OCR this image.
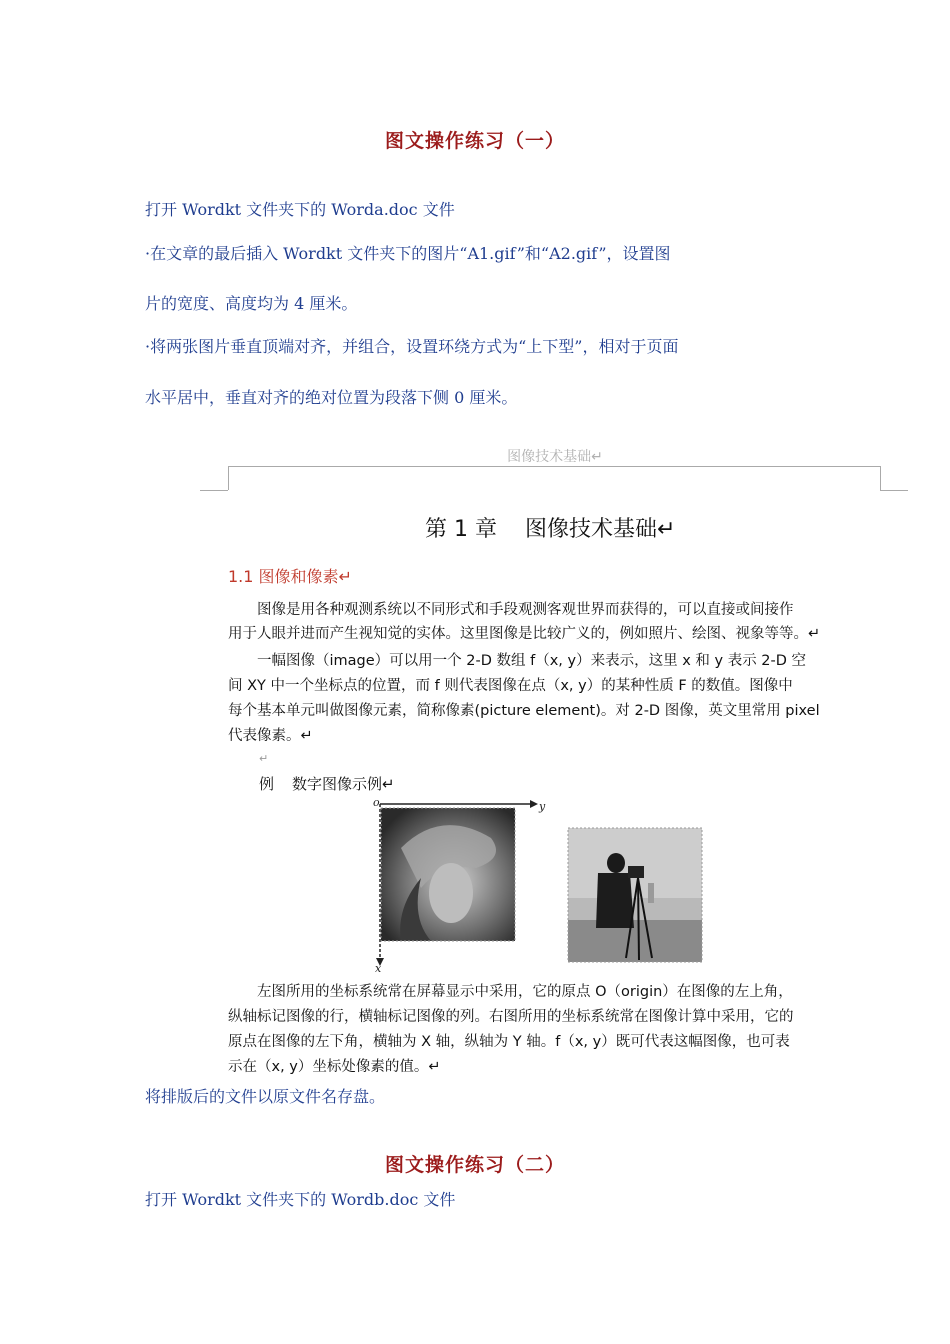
图文操作练习（一）
打开 Wordkt 文件夹下的 Worda.doc 文件
·在文章的最后插入 Wordkt 文件夹下的图片“A1.gif”和“A2.gif”，设置图
片的宽度、高度均为 4 厘米。
·将两张图片垂直顶端对齐，并组合，设置环绕方式为“上下型”，相对于页面
水平居中，垂直对齐的绝对位置为段落下侧 0 厘米。
图像技术基础↵
第 1 章 图像技术基础↵
1.1 图像和像素↵
　　图像是用各种观测系统以不同形式和手段观测客观世界而获得的，可以直接或间接作
用于人眼并进而产生视知觉的实体。这里图像是比较广义的，例如照片、绘图、视象等等。↵
　　一幅图像（image）可以用一个 2-D 数组 f（x, y）来表示，这里 x 和 y 表示 2-D 空
间 XY 中一个坐标点的位置，而 f 则代表图像在点（x, y）的某种性质 F 的数值。图像中
每个基本单元叫做图像元素，简称像素(picture element)。对 2-D 图像，英文里常用 pixel
代表像素。↵
↵
例 数字图像示例↵
o	y
x
　　左图所用的坐标系统常在屏幕显示中采用，它的原点 O（origin）在图像的左上角，
纵轴标记图像的行，横轴标记图像的列。右图所用的坐标系统常在图像计算中采用，它的
原点在图像的左下角，横轴为 X 轴，纵轴为 Y 轴。f（x, y）既可代表这幅图像，也可表
示在（x, y）坐标处像素的值。↵
将排版后的文件以原文件名存盘。
图文操作练习（二）
打开 Wordkt 文件夹下的 Wordb.doc 文件
